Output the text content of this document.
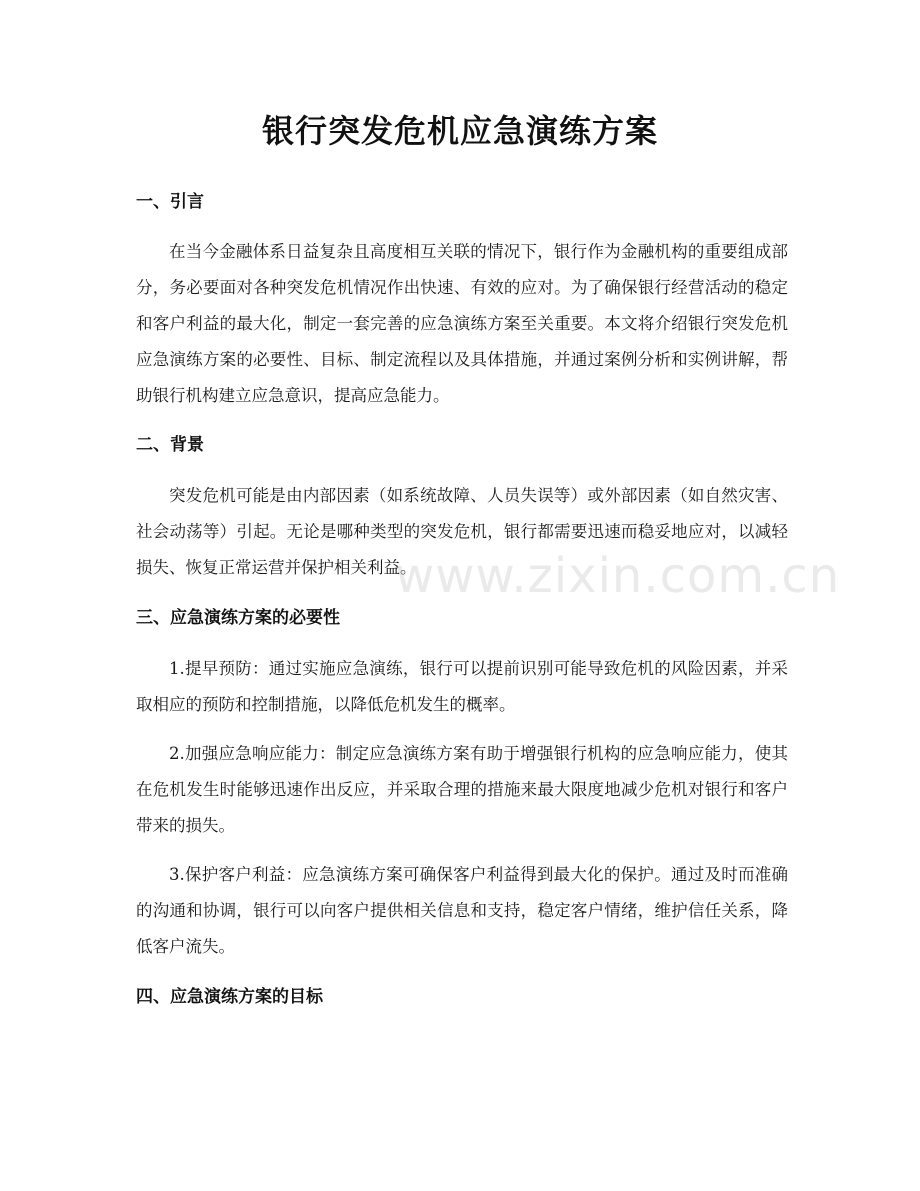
银行突发危机应急演练方案
一、引言

在当今金融体系日益复杂且高度相互关联的情况下，银行作为金融机构的重要组成部分，务必要面对各种突发危机情况作出快速、有效的应对。为了确保银行经营活动的稳定和客户利益的最大化，制定一套完善的应急演练方案至关重要。本文将介绍银行突发危机应急演练方案的必要性、目标、制定流程以及具体措施，并通过案例分析和实例讲解，帮助银行机构建立应急意识，提高应急能力。

二、背景

突发危机可能是由内部因素（如系统故障、人员失误等）或外部因素（如自然灾害、社会动荡等）引起。无论是哪种类型的突发危机，银行都需要迅速而稳妥地应对，以减轻损失、恢复正常运营并保护相关利益。

三、应急演练方案的必要性

1.提早预防：通过实施应急演练，银行可以提前识别可能导致危机的风险因素，并采取相应的预防和控制措施，以降低危机发生的概率。

2.加强应急响应能力：制定应急演练方案有助于增强银行机构的应急响应能力，使其在危机发生时能够迅速作出反应，并采取合理的措施来最大限度地减少危机对银行和客户带来的损失。

3.保护客户利益：应急演练方案可确保客户利益得到最大化的保护。通过及时而准确的沟通和协调，银行可以向客户提供相关信息和支持，稳定客户情绪，维护信任关系，降低客户流失。

四、应急演练方案的目标
www.zixin.com.cn
